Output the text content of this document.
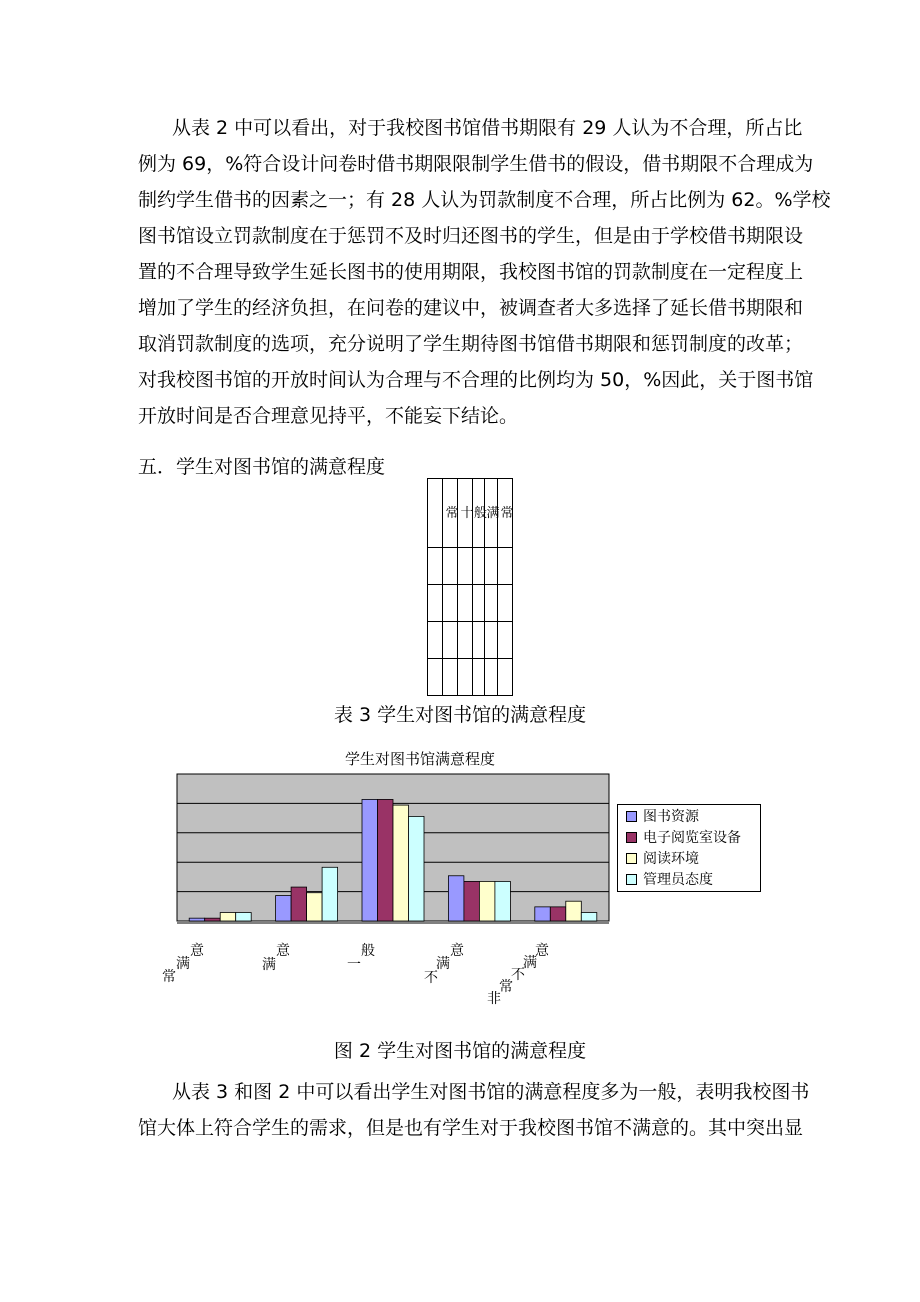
从表 2 中可以看出，对于我校图书馆借书期限有 29 人认为不合理，所占比
例为 69，%符合设计问卷时借书期限限制学生借书的假设，借书期限不合理成为
制约学生借书的因素之一；有 28 人认为罚款制度不合理，所占比例为 62。%学校
图书馆设立罚款制度在于惩罚不及时归还图书的学生，但是由于学校借书期限设
置的不合理导致学生延长图书的使用期限，我校图书馆的罚款制度在一定程度上
增加了学生的经济负担，在问卷的建议中，被调查者大多选择了延长借书期限和
取消罚款制度的选项，充分说明了学生期待图书馆借书期限和惩罚制度的改革；
对我校图书馆的开放时间认为合理与不合理的比例均为 50，%因此，关于图书馆
开放时间是否合理意见持平，不能妄下结论。
五．学生对图书馆的满意程度
	常	十	般	满	常

表 3 学生对图书馆的满意程度
学生对图书馆满意程度
图书资源
电子阅览室设备
阅读环境
管理员态度
意
满
常
意
满
般
一
意
满
不
意
满
不
常
非
图 2 学生对图书馆的满意程度
从表 3 和图 2 中可以看出学生对图书馆的满意程度多为一般，表明我校图书
馆大体上符合学生的需求，但是也有学生对于我校图书馆不满意的。其中突出显
